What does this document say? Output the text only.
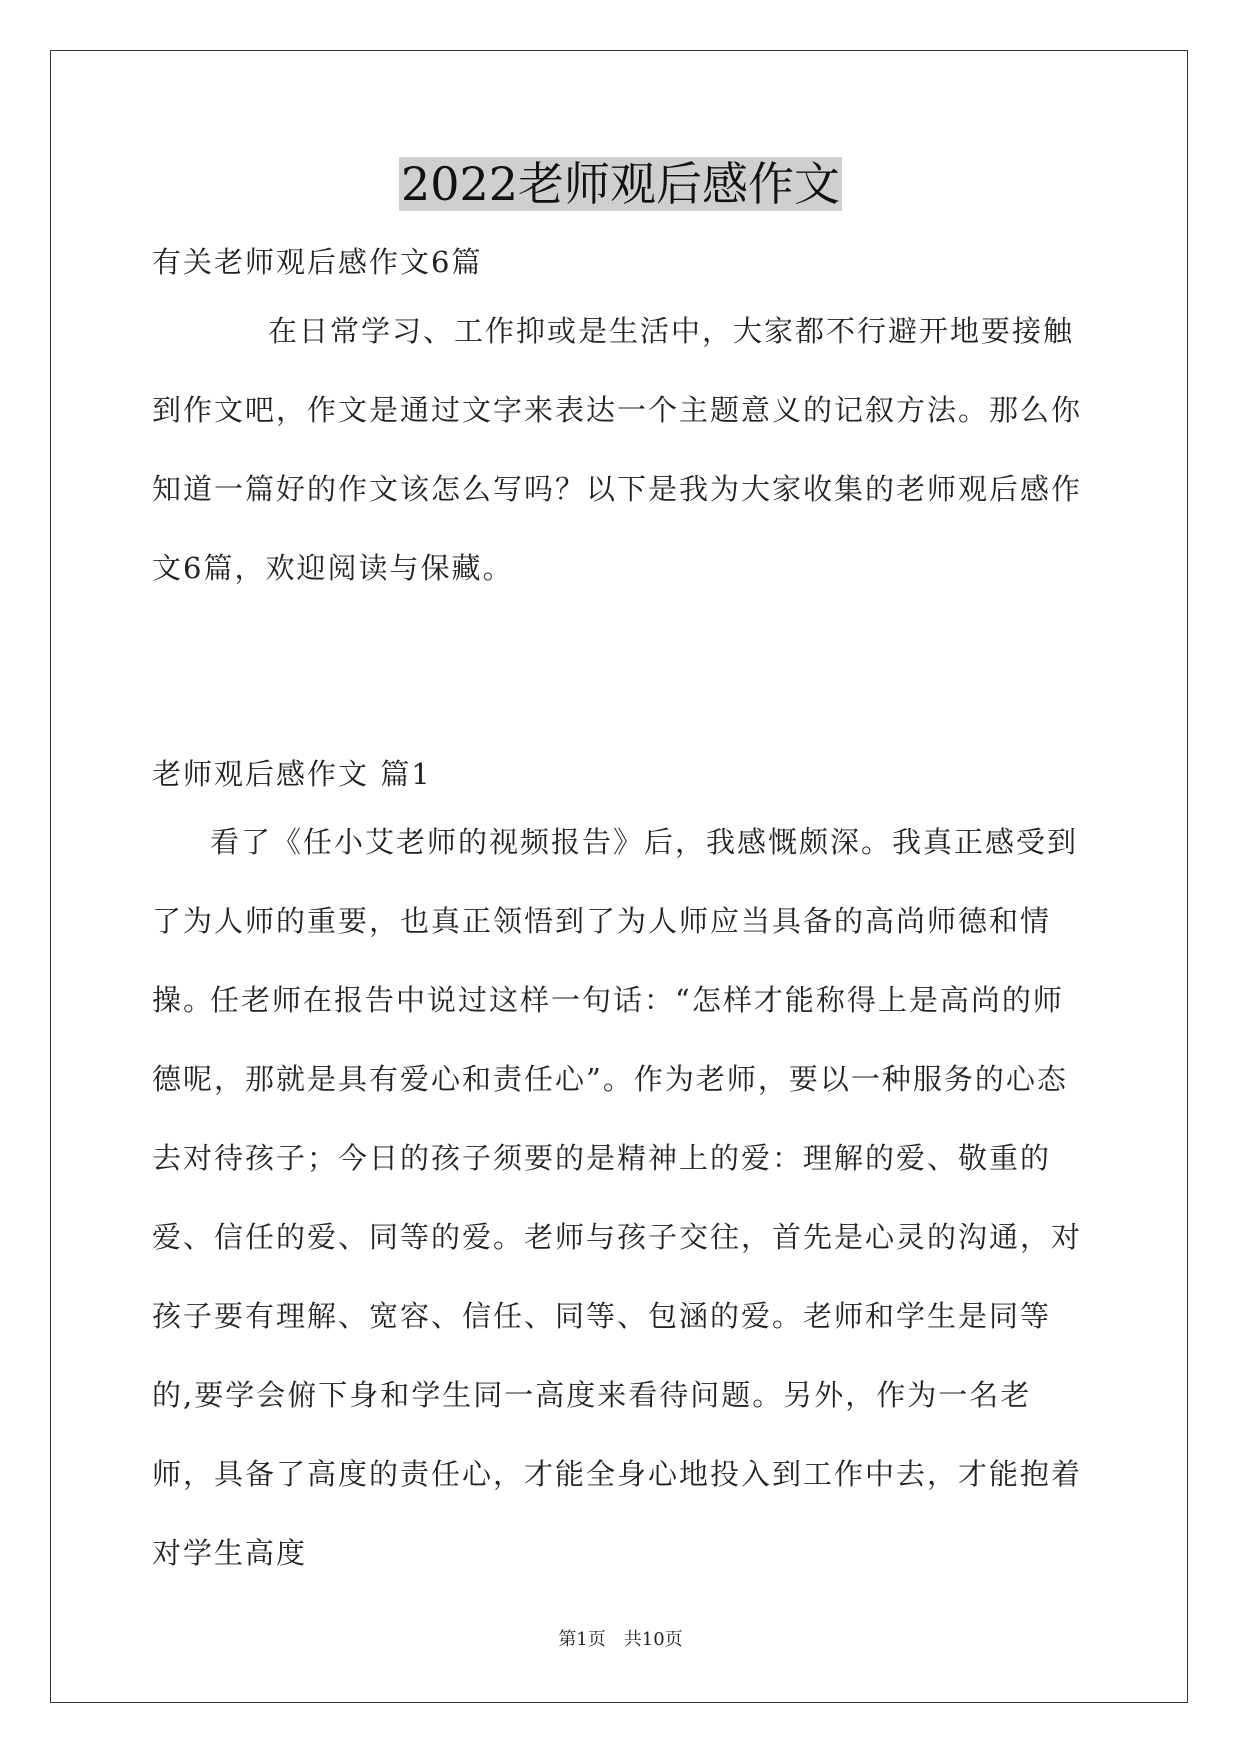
2022老师观后感作文
有关老师观后感作文6篇

在日常学习、工作抑或是生活中，大家都不行避开地要接触到作文吧，作文是通过文字来表达一个主题意义的记叙方法。那么你知道一篇好的作文该怎么写吗？以下是我为大家收集的老师观后感作文6篇，欢迎阅读与保藏。

老师观后感作文 篇1

看了《任小艾老师的视频报告》后，我感慨颇深。我真正感受到了为人师的重要，也真正领悟到了为人师应当具备的高尚师德和情操。

任老师在报告中说过这样一句话：“怎样才能称得上是高尚的师德呢，那就是具有爱心和责任心”。作为老师，要以一种服务的心态去对待孩子；今日的孩子须要的是精神上的爱：理解的爱、敬重的爱、信任的爱、同等的爱。老师与孩子交往，首先是心灵的沟通，对孩子要有理解、宽容、信任、同等、包涵的爱。老师和学生是同等的,要学会俯下身和学生同一高度来看待问题。另外，作为一名老师，具备了高度的责任心，才能全身心地投入到工作中去，才能抱着对学生高度

第1页　共10页
